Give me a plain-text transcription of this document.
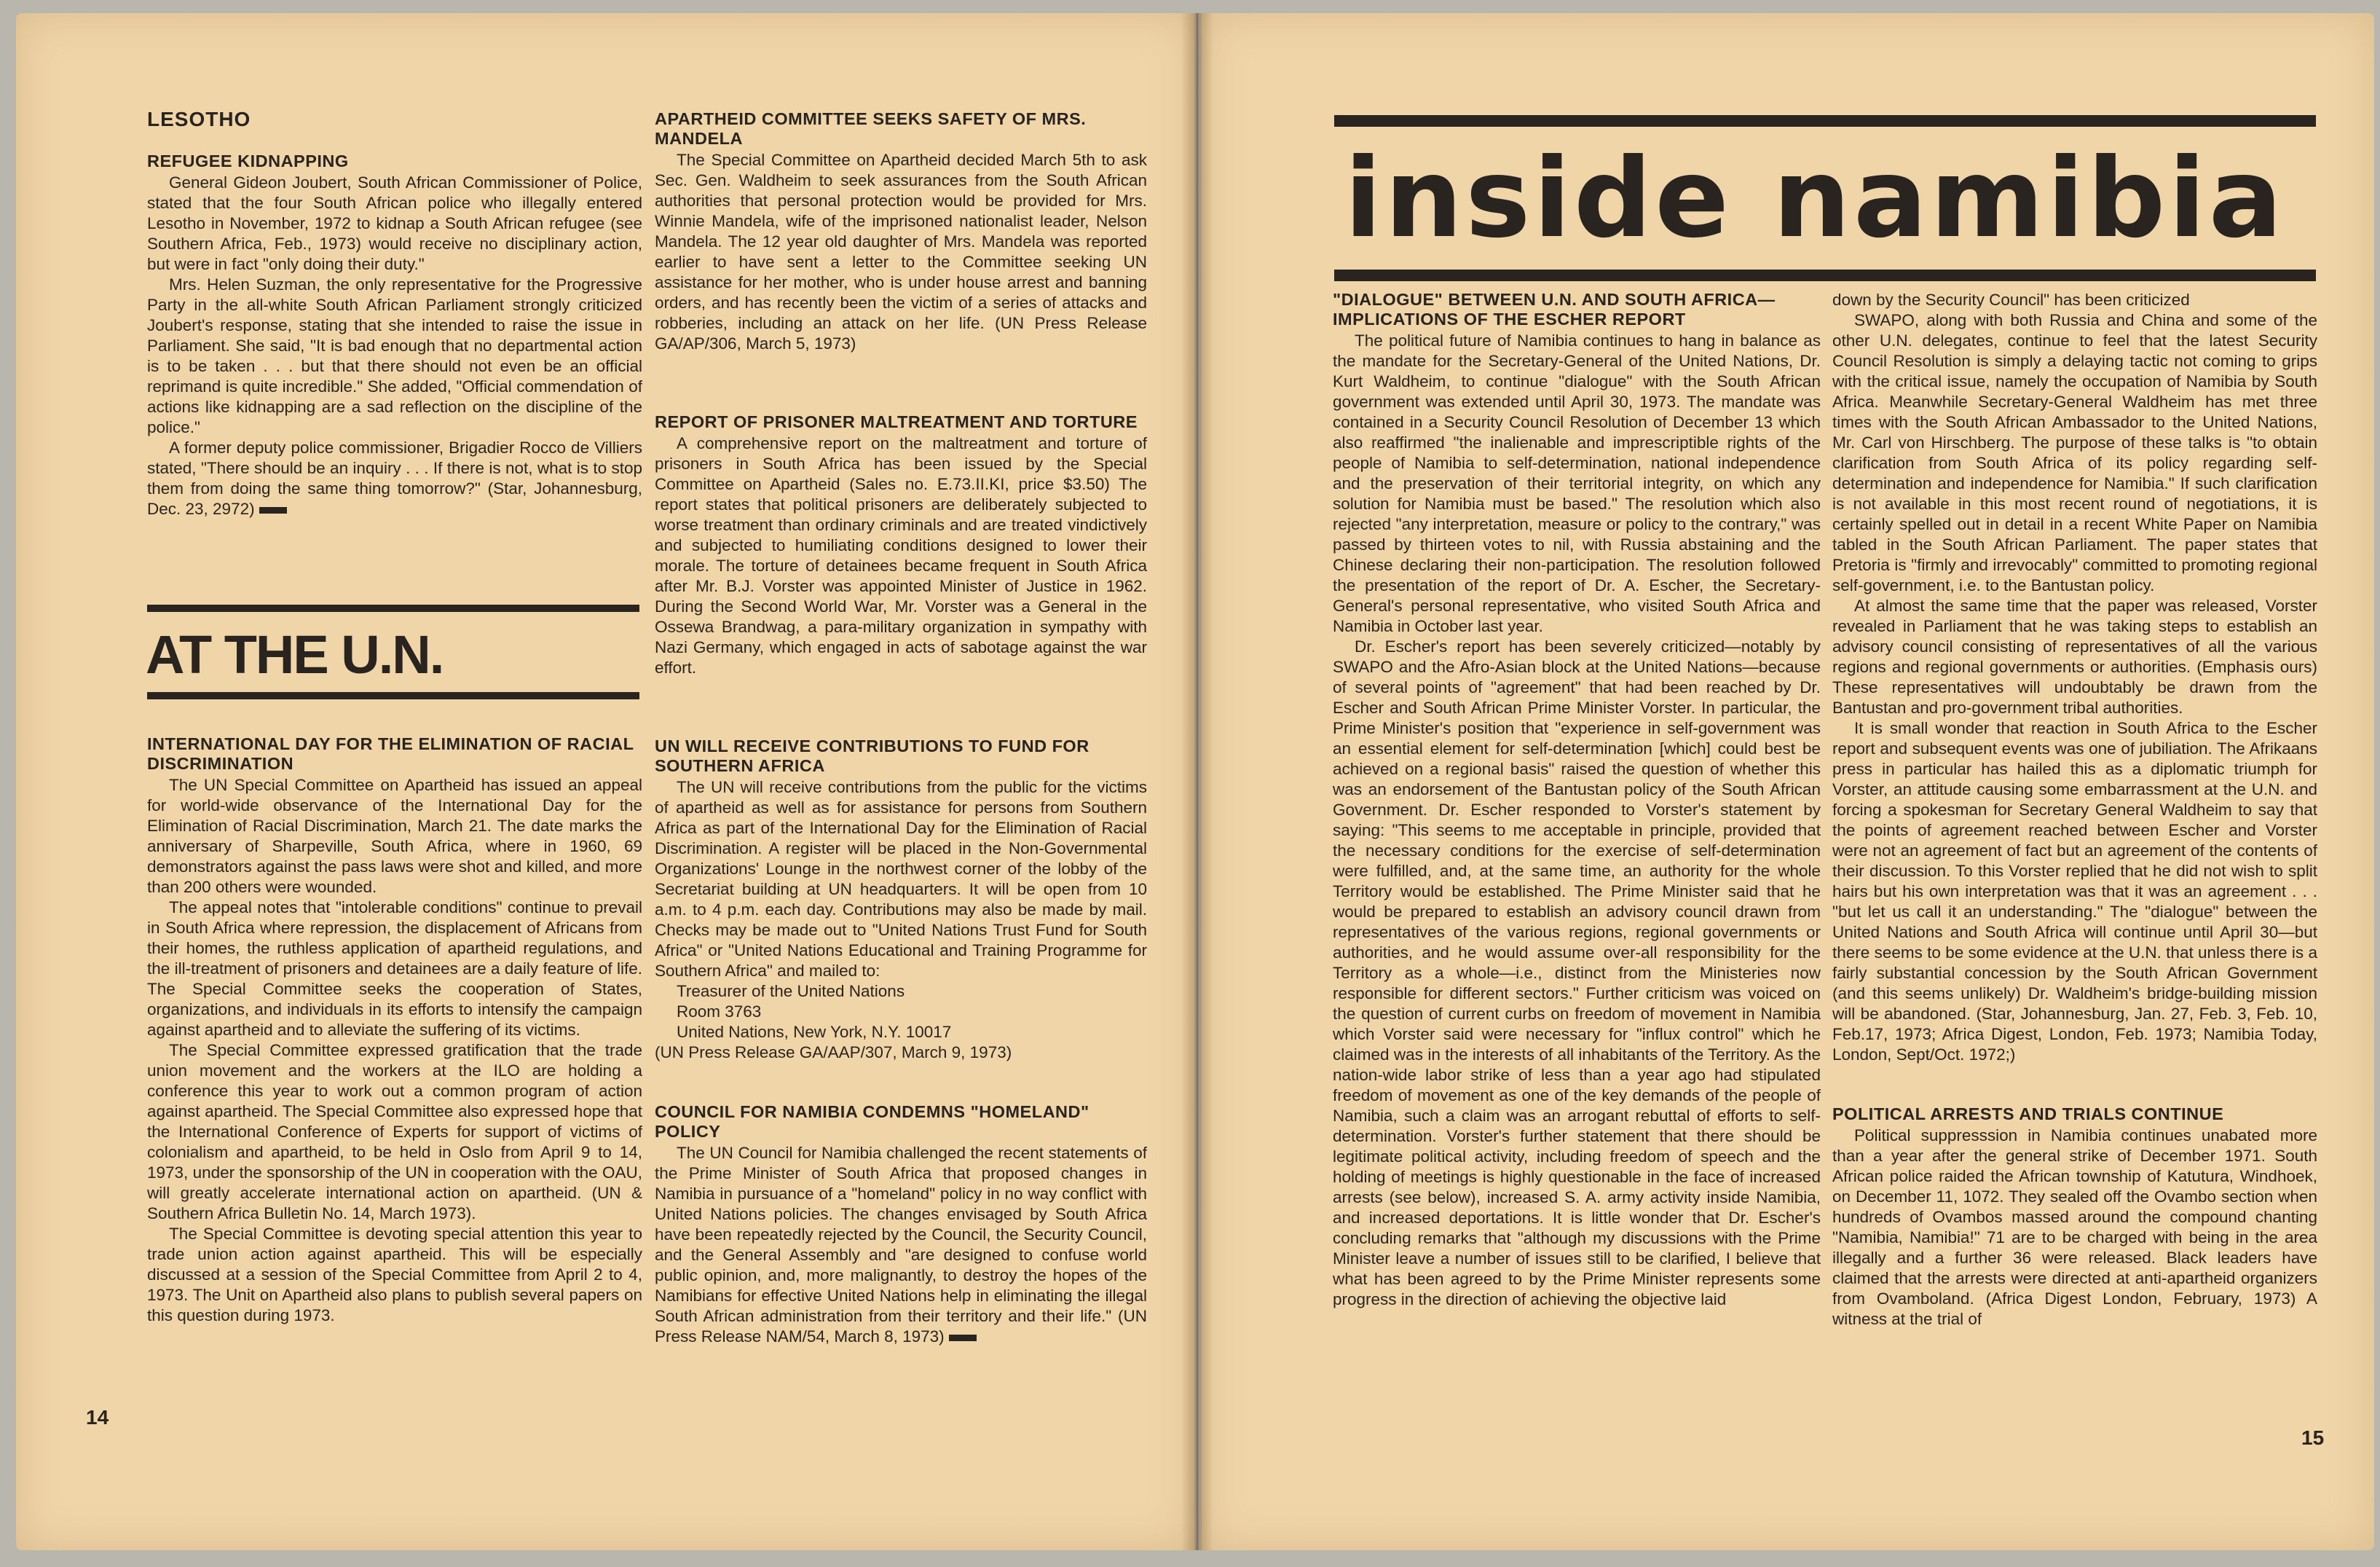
LESOTHO
REFUGEE KIDNAPPING

General Gideon Joubert, South African Commissioner of Police, stated that the four South African police who illegally entered Lesotho in November, 1972 to kidnap a South African refugee (see Southern Africa, Feb., 1973) would receive no disciplinary action, but were in fact "only doing their duty."

Mrs. Helen Suzman, the only representative for the Progressive Party in the all-white South African Parliament strongly criticized Joubert's response, stating that she intended to raise the issue in Parliament. She said, "It is bad enough that no departmental action is to be taken . . . but that there should not even be an official reprimand is quite incredible." She added, "Official commendation of actions like kidnapping are a sad reflection on the discipline of the police."

A former deputy police commissioner, Brigadier Rocco de Villiers stated, "There should be an inquiry . . . If there is not, what is to stop them from doing the same thing tomorrow?" (Star, Johannesburg, Dec. 23, 2972)

AT THE U.N.
INTERNATIONAL DAY FOR THE ELIMINATION OF RACIAL DISCRIMINATION

The UN Special Committee on Apartheid has issued an appeal for world-wide observance of the International Day for the Elimination of Racial Discrimination, March 21. The date marks the anniversary of Sharpeville, South Africa, where in 1960, 69 demonstrators against the pass laws were shot and killed, and more than 200 others were wounded.

The appeal notes that "intolerable conditions" continue to prevail in South Africa where repression, the displacement of Africans from their homes, the ruthless application of apartheid regulations, and the ill-treatment of prisoners and detainees are a daily feature of life. The Special Committee seeks the cooperation of States, organizations, and individuals in its efforts to intensify the campaign against apartheid and to alleviate the suffering of its victims.

The Special Committee expressed gratification that the trade union movement and the workers at the ILO are holding a conference this year to work out a common program of action against apartheid. The Special Committee also expressed hope that the International Conference of Experts for support of victims of colonialism and apartheid, to be held in Oslo from April 9 to 14, 1973, under the sponsorship of the UN in cooperation with the OAU, will greatly accelerate international action on apartheid. (UN & Southern Africa Bulletin No. 14, March 1973).

The Special Committee is devoting special attention this year to trade union action against apartheid. This will be especially discussed at a session of the Special Committee from April 2 to 4, 1973. The Unit on Apartheid also plans to publish several papers on this question during 1973.

14
APARTHEID COMMITTEE SEEKS SAFETY OF MRS. MANDELA

The Special Committee on Apartheid decided March 5th to ask Sec. Gen. Waldheim to seek assurances from the South African authorities that personal protection would be provided for Mrs. Winnie Mandela, wife of the imprisoned nationalist leader, Nelson Mandela. The 12 year old daughter of Mrs. Mandela was reported earlier to have sent a letter to the Committee seeking UN assistance for her mother, who is under house arrest and banning orders, and has recently been the victim of a series of attacks and robberies, including an attack on her life. (UN Press Release GA/AP/306, March 5, 1973)

REPORT OF PRISONER MALTREATMENT AND TORTURE

A comprehensive report on the maltreatment and torture of prisoners in South Africa has been issued by the Special Committee on Apartheid (Sales no. E.73.II.KI, price $3.50) The report states that political prisoners are deliberately subjected to worse treatment than ordinary criminals and are treated vindictively and subjected to humiliating conditions designed to lower their morale. The torture of detainees became frequent in South Africa after Mr. B.J. Vorster was appointed Minister of Justice in 1962. During the Second World War, Mr. Vorster was a General in the Ossewa Brandwag, a para-military organization in sympathy with Nazi Germany, which engaged in acts of sabotage against the war effort.

UN WILL RECEIVE CONTRIBUTIONS TO FUND FOR SOUTHERN AFRICA

The UN will receive contributions from the public for the victims of apartheid as well as for assistance for persons from Southern Africa as part of the International Day for the Elimination of Racial Discrimination. A register will be placed in the Non-Governmental Organizations' Lounge in the northwest corner of the lobby of the Secretariat building at UN headquarters. It will be open from 10 a.m. to 4 p.m. each day. Contributions may also be made by mail. Checks may be made out to "United Nations Trust Fund for South Africa" or "United Nations Educational and Training Programme for Southern Africa" and mailed to:

Treasurer of the United Nations

Room 3763

United Nations, New York, N.Y. 10017

(UN Press Release GA/AAP/307, March 9, 1973)

COUNCIL FOR NAMIBIA CONDEMNS "HOMELAND" POLICY

The UN Council for Namibia challenged the recent statements of the Prime Minister of South Africa that proposed changes in Namibia in pursuance of a "homeland" policy in no way conflict with United Nations policies. The changes envisaged by South Africa have been repeatedly rejected by the Council, the Security Council, and the General Assembly and "are designed to confuse world public opinion, and, more malignantly, to destroy the hopes of the Namibians for effective United Nations help in eliminating the illegal South African administration from their territory and their life." (UN Press Release NAM/54, March 8, 1973)

inside namibia
"DIALOGUE" BETWEEN U.N. AND SOUTH AFRICA— IMPLICATIONS OF THE ESCHER REPORT

The political future of Namibia continues to hang in balance as the mandate for the Secretary-General of the United Nations, Dr. Kurt Waldheim, to continue "dialogue" with the South African government was extended until April 30, 1973. The mandate was contained in a Security Council Resolution of December 13 which also reaffirmed "the inalienable and imprescriptible rights of the people of Namibia to self-determination, national independence and the preservation of their territorial integrity, on which any solution for Namibia must be based." The resolution which also rejected "any interpretation, measure or policy to the contrary," was passed by thirteen votes to nil, with Russia abstaining and the Chinese declaring their non-participation. The resolution followed the presentation of the report of Dr. A. Escher, the Secretary-General's personal representative, who visited South Africa and Namibia in October last year.

Dr. Escher's report has been severely criticized—notably by SWAPO and the Afro-Asian block at the United Nations—because of several points of "agreement" that had been reached by Dr. Escher and South African Prime Minister Vorster. In particular, the Prime Minister's position that "experience in self-government was an essential element for self-determination [which] could best be achieved on a regional basis" raised the question of whether this was an endorsement of the Bantustan policy of the South African Government. Dr. Escher responded to Vorster's statement by saying: "This seems to me acceptable in principle, provided that the necessary conditions for the exercise of self-determination were fulfilled, and, at the same time, an authority for the whole Territory would be established. The Prime Minister said that he would be prepared to establish an advisory council drawn from representatives of the various regions, regional governments or authorities, and he would assume over-all responsibility for the Territory as a whole—i.e., distinct from the Ministeries now responsible for different sectors." Further criticism was voiced on the question of current curbs on freedom of movement in Namibia which Vorster said were necessary for "influx control" which he claimed was in the interests of all inhabitants of the Territory. As the nation-wide labor strike of less than a year ago had stipulated freedom of movement as one of the key demands of the people of Namibia, such a claim was an arrogant rebuttal of efforts to self-determination. Vorster's further statement that there should be legitimate political activity, including freedom of speech and the holding of meetings is highly questionable in the face of increased arrests (see below), increased S. A. army activity inside Namibia, and increased deportations. It is little wonder that Dr. Escher's concluding remarks that "although my discussions with the Prime Minister leave a number of issues still to be clarified, I believe that what has been agreed to by the Prime Minister represents some progress in the direction of achieving the objective laid

down by the Security Council" has been criticized

SWAPO, along with both Russia and China and some of the other U.N. delegates, continue to feel that the latest Security Council Resolution is simply a delaying tactic not coming to grips with the critical issue, namely the occupation of Namibia by South Africa. Meanwhile Secretary-General Waldheim has met three times with the South African Ambassador to the United Nations, Mr. Carl von Hirschberg. The purpose of these talks is "to obtain clarification from South Africa of its policy regarding self-determination and independence for Namibia." If such clarification is not available in this most recent round of negotiations, it is certainly spelled out in detail in a recent White Paper on Namibia tabled in the South African Parliament. The paper states that Pretoria is "firmly and irrevocably" committed to promoting regional self-government, i.e. to the Bantustan policy.

At almost the same time that the paper was released, Vorster revealed in Parliament that he was taking steps to establish an advisory council consisting of representatives of all the various regions and regional governments or authorities. (Emphasis ours) These representatives will undoubtably be drawn from the Bantustan and pro-government tribal authorities.

It is small wonder that reaction in South Africa to the Escher report and subsequent events was one of jubiliation. The Afrikaans press in particular has hailed this as a diplomatic triumph for Vorster, an attitude causing some embarrassment at the U.N. and forcing a spokesman for Secretary General Waldheim to say that the points of agreement reached between Escher and Vorster were not an agreement of fact but an agreement of the contents of their discussion. To this Vorster replied that he did not wish to split hairs but his own interpretation was that it was an agreement . . . "but let us call it an understanding." The "dialogue" between the United Nations and South Africa will continue until April 30—but there seems to be some evidence at the U.N. that unless there is a fairly substantial concession by the South African Government (and this seems unlikely) Dr. Waldheim's bridge-building mission will be abandoned. (Star, Johannesburg, Jan. 27, Feb. 3, Feb. 10, Feb.17, 1973; Africa Digest, London, Feb. 1973; Namibia Today, London, Sept/Oct. 1972;)

POLITICAL ARRESTS AND TRIALS CONTINUE

Political suppresssion in Namibia continues unabated more than a year after the general strike of December 1971. South African police raided the African township of Katutura, Windhoek, on December 11, 1072. They sealed off the Ovambo section when hundreds of Ovambos massed around the compound chanting "Namibia, Namibia!" 71 are to be charged with being in the area illegally and a further 36 were released. Black leaders have claimed that the arrests were directed at anti-apartheid organizers from Ovamboland. (Africa Digest London, February, 1973) A witness at the trial of

15
